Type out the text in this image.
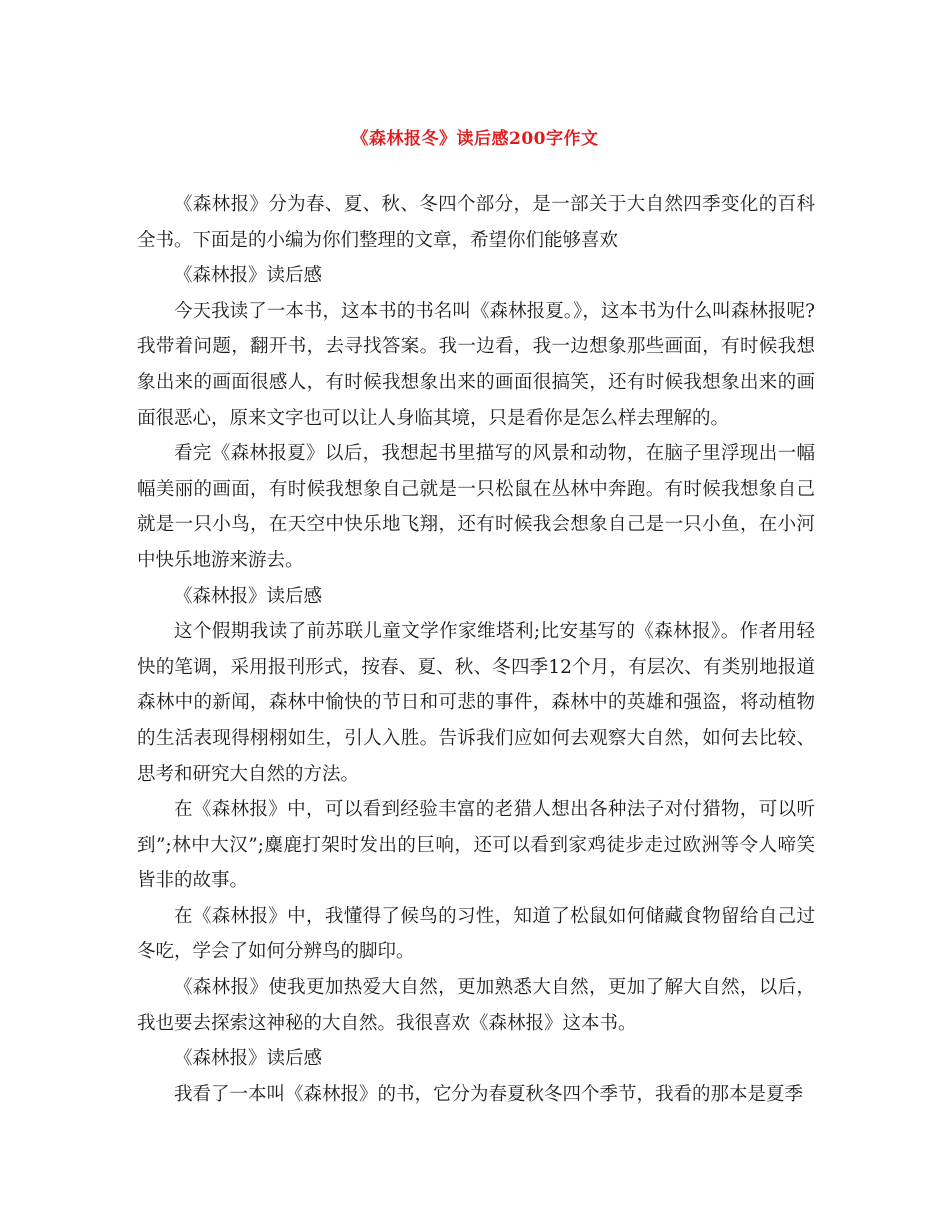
《森林报冬》读后感200字作文

《森林报》分为春、夏、秋、冬四个部分，是一部关于大自然四季变化的百科全书。下面是的小编为你们整理的文章，希望你们能够喜欢

《森林报》读后感

今天我读了一本书，这本书的书名叫《森林报夏。》，这本书为什么叫森林报呢?我带着问题，翻开书，去寻找答案。我一边看，我一边想象那些画面，有时候我想象出来的画面很感人，有时候我想象出来的画面很搞笑，还有时候我想象出来的画面很恶心，原来文字也可以让人身临其境，只是看你是怎么样去理解的。

看完《森林报夏》以后，我想起书里描写的风景和动物，在脑子里浮现出一幅幅美丽的画面，有时候我想象自己就是一只松鼠在丛林中奔跑。有时候我想象自己就是一只小鸟，在天空中快乐地飞翔，还有时候我会想象自己是一只小鱼，在小河中快乐地游来游去。

《森林报》读后感

这个假期我读了前苏联儿童文学作家维塔利;比安基写的《森林报》。作者用轻快的笔调，采用报刊形式，按春、夏、秋、冬四季12个月，有层次、有类别地报道森林中的新闻，森林中愉快的节日和可悲的事件，森林中的英雄和强盗，将动植物的生活表现得栩栩如生，引人入胜。告诉我们应如何去观察大自然，如何去比较、思考和研究大自然的方法。

在《森林报》中，可以看到经验丰富的老猎人想出各种法子对付猎物，可以听到”;林中大汉”;麋鹿打架时发出的巨响，还可以看到家鸡徒步走过欧洲等令人啼笑皆非的故事。

在《森林报》中，我懂得了候鸟的习性，知道了松鼠如何储藏食物留给自己过冬吃，学会了如何分辨鸟的脚印。

《森林报》使我更加热爱大自然，更加熟悉大自然，更加了解大自然，以后，我也要去探索这神秘的大自然。我很喜欢《森林报》这本书。

《森林报》读后感

我看了一本叫《森林报》的书，它分为春夏秋冬四个季节，我看的那本是夏季
